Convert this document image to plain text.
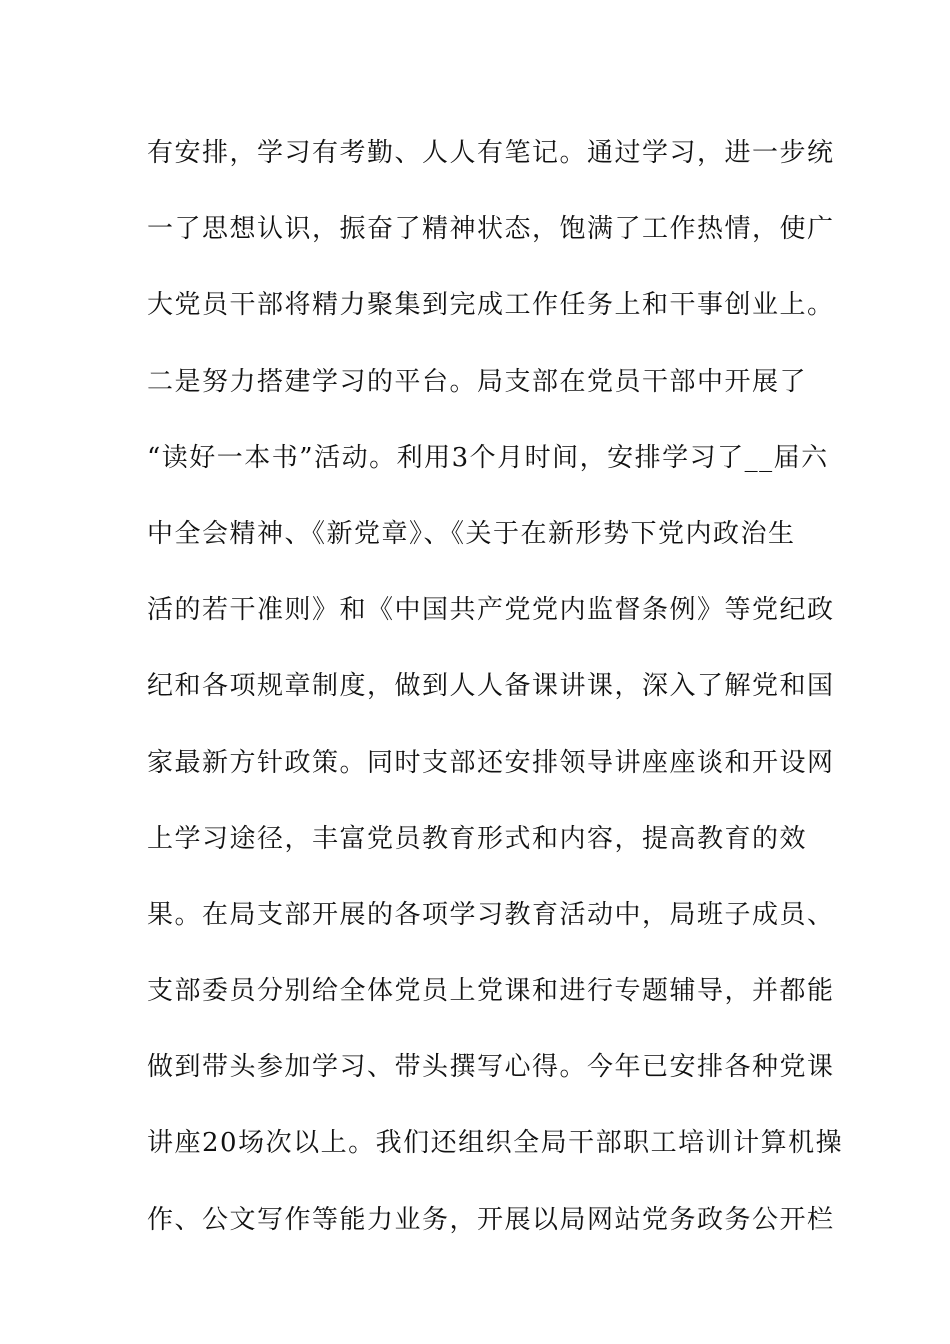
有安排，学习有考勤、人人有笔记。通过学习，进一步统
一了思想认识，振奋了精神状态，饱满了工作热情，使广
大党员干部将精力聚集到完成工作任务上和干事创业上。
二是努力搭建学习的平台。局支部在党员干部中开展了
“读好一本书”活动。利用3个月时间，安排学习了__届六
中全会精神、《新党章》、《关于在新形势下党内政治生
活的若干准则》和《中国共产党党内监督条例》等党纪政
纪和各项规章制度，做到人人备课讲课，深入了解党和国
家最新方针政策。同时支部还安排领导讲座座谈和开设网
上学习途径，丰富党员教育形式和内容，提高教育的效
果。在局支部开展的各项学习教育活动中，局班子成员、
支部委员分别给全体党员上党课和进行专题辅导，并都能
做到带头参加学习、带头撰写心得。今年已安排各种党课
讲座20场次以上。我们还组织全局干部职工培训计算机操
作、公文写作等能力业务，开展以局网站党务政务公开栏
